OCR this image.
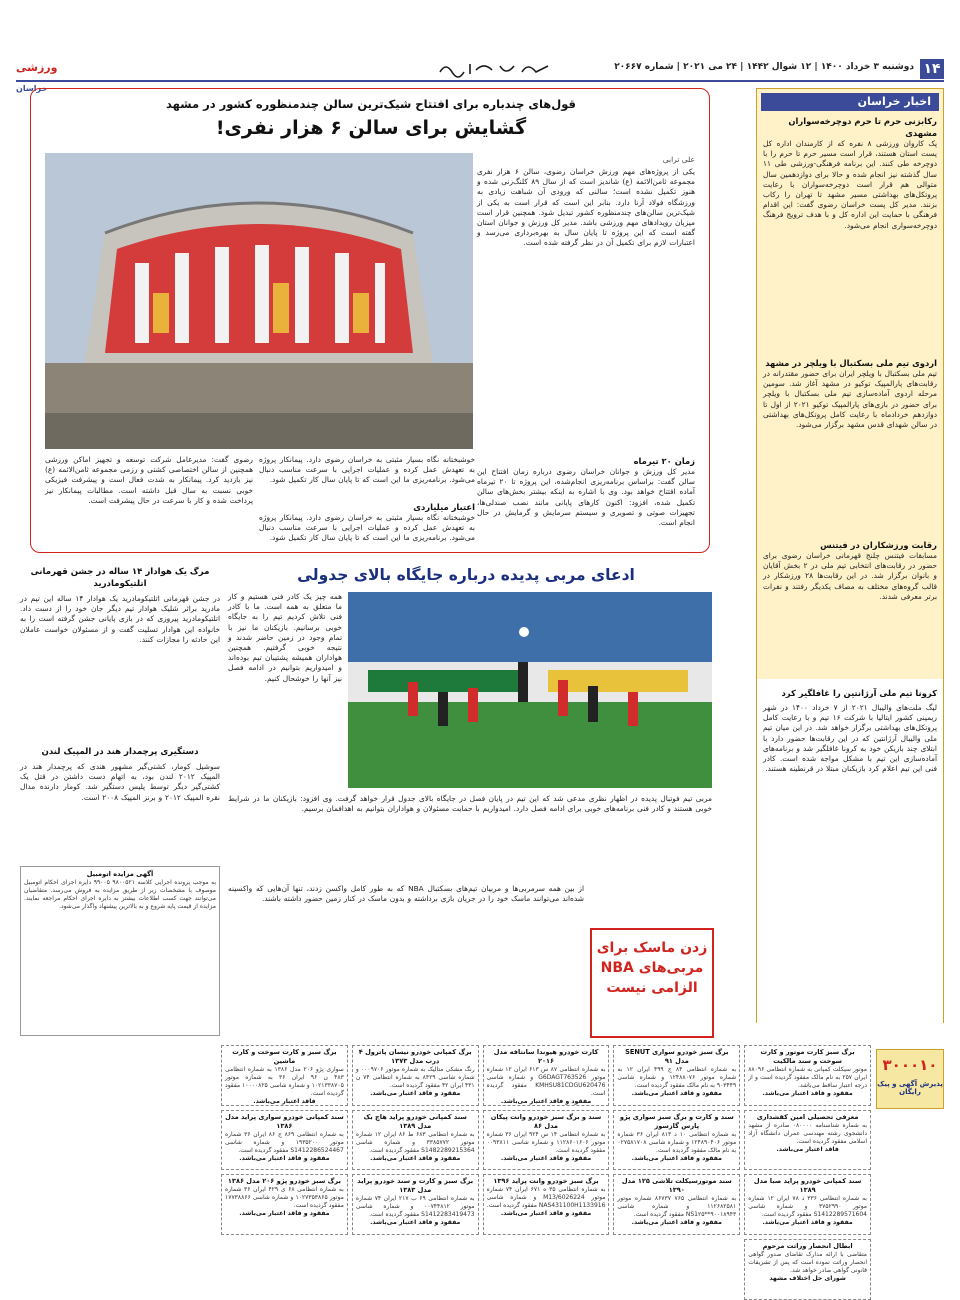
۱۴
دوشنبه ۳ خرداد ۱۴۰۰ | ۱۲ شوال ۱۴۴۲ | ۲۴ می ۲۰۲۱ | شماره ۲۰۶۶۷
ورزشی خراسان
اخبار خراسان
رکابزنی حرم تا حرم دوچرخه‌سواران مشهدی
پک کاروان ورزشی ۸ نفره که از کارمندان اداره کل پست استان هستند، قرار است مسیر حرم تا حرم را با دوچرخه طی کنند. این برنامه فرهنگی-ورزشی طی ۱۱ سال گذشته نیز انجام شده و حالا برای دوازدهمین سال متوالی هم قرار است دوچرخه‌سواران با رعایت پروتکل‌های بهداشتی مسیر مشهد تا تهران را رکاب بزنند. مدیر کل پست خراسان رضوی گفت: این اقدام فرهنگی با حمایت این اداره کل و با هدف ترویج فرهنگ دوچرخه‌سواری انجام می‌شود.
اردوی تیم ملی بسکتبال با ویلچر در مشهد
تیم ملی بسکتبال با ویلچر ایران برای حضور مقتدرانه در رقابت‌های پارالمپیک توکیو در مشهد آغاز شد. سومین مرحله اردوی آماده‌سازی تیم ملی بسکتبال با ویلچر برای حضور در بازی‌های پارالمپیک توکیو ۲۰۲۱ از اول تا دوازدهم خردادماه با رعایت کامل پروتکل‌های بهداشتی در سالن شهدای قدس مشهد برگزار می‌شود.
رقابت ورزشکاران در فیتنس
مسابقات فیتنس چلنج قهرمانی خراسان رضوی برای حضور در رقابت‌های انتخابی تیم ملی در ۲ بخش آقایان و بانوان برگزار شد. در این رقابت‌ها ۲۸ ورزشکار در قالب گروه‌های مختلف به مصاف یکدیگر رفتند و نفرات برتر معرفی شدند.
کرونا تیم ملی آرژانتین را غافلگیر کرد
لیگ ملت‌های والیبال ۲۰۲۱ از ۷ خرداد ۱۴۰۰ در شهر ریمینی کشور ایتالیا با شرکت ۱۶ تیم و با رعایت کامل پروتکل‌های بهداشتی برگزار خواهد شد. در این میان تیم ملی والیبال آرژانتین که در این رقابت‌ها حضور دارد با ابتلای چند بازیکن خود به کرونا غافلگیر شد و برنامه‌های آماده‌سازی این تیم با مشکل مواجه شده است. کادر فنی این تیم اعلام کرد بازیکنان مبتلا در قرنطینه هستند.
قول‌های چندباره برای افتتاح شیک‌ترین سالن چندمنظوره کشور در مشهد
گشایش برای سالن ۶ هزار نفری!
علی ترابی
یکی از پروژه‌های مهم ورزش خراسان رضوی، سالن ۶ هزار نفری مجموعه ثامن‌الائمه (ع) شاندیز است که از سال ۸۹ کلنگ‌زنی شده و هنوز تکمیل نشده است؛ سالنی که ورودی آن شباهت زیادی به ورزشگاه فولاد آرنا دارد. بنابر این است که قرار است به یکی از شیک‌ترین سالن‌های چندمنظوره کشور تبدیل شود. همچنین قرار است میزبان رویدادهای مهم ورزشی باشد. مدیر کل ورزش و جوانان استان گفته است که این پروژه تا پایان سال به بهره‌برداری می‌رسد و اعتبارات لازم برای تکمیل آن در نظر گرفته شده است.
زمان ۲۰ تیرماه
مدیر کل ورزش و جوانان خراسان رضوی درباره زمان افتتاح این سالن گفت: براساس برنامه‌ریزی انجام‌شده، این پروژه تا ۲۰ تیرماه آماده افتتاح خواهد بود. وی با اشاره به اینکه بیشتر بخش‌های سالن تکمیل شده، افزود: اکنون کارهای پایانی مانند نصب صندلی‌ها، تجهیزات صوتی و تصویری و سیستم سرمایش و گرمایش در حال انجام است.
خوشبختانه نگاه بسیار مثبتی به خراسان رضوی دارد. پیمانکار پروژه به تعهدش عمل کرده و عملیات اجرایی با سرعت مناسب دنبال می‌شود. برنامه‌ریزی ما این است که تا پایان سال کار تکمیل شود.
اعتبار میلیاردی
خوشبختانه نگاه بسیار مثبتی به خراسان رضوی دارد. پیمانکار پروژه به تعهدش عمل کرده و عملیات اجرایی با سرعت مناسب دنبال می‌شود. برنامه‌ریزی ما این است که تا پایان سال کار تکمیل شود.
رضوی گفت: مدیرعامل شرکت توسعه و تجهیز اماکن ورزشی همچنین از سالن اختصاصی کشتی و رزمی مجموعه ثامن‌الائمه (ع) نیز بازدید کرد. پیمانکار به شدت فعال است و پیشرفت فیزیکی خوبی نسبت به سال قبل داشته است. مطالبات پیمانکار نیز پرداخت شده و کار با سرعت در حال پیشرفت است.
ادعای مربی پدیده درباره جایگاه بالای جدولی
همه چیز یک کادر فنی هستیم و کار ما متعلق به همه است. ما با کادر فنی تلاش کردیم تیم را به جایگاه خوبی برسانیم. بازیکنان ما نیز با تمام وجود در زمین حاضر شدند و نتیجه خوبی گرفتیم. همچنین هواداران همیشه پشتیبان تیم بوده‌اند و امیدواریم بتوانیم در ادامه فصل نیز آنها را خوشحال کنیم.
مربی تیم فوتبال پدیده در اظهار نظری مدعی شد که این تیم در پایان فصل در جایگاه بالای جدول قرار خواهد گرفت. وی افزود: بازیکنان ما در شرایط خوبی هستند و کادر فنی برنامه‌های خوبی برای ادامه فصل دارد. امیدواریم با حمایت مسئولان و هواداران بتوانیم به اهدافمان برسیم.
از بین همه سرمربی‌ها و مربیان تیم‌های بسکتبال NBA که به طور کامل واکسن زدند، تنها آن‌هایی که واکسینه شده‌اند می‌توانند ماسک خود را در جریان بازی برداشته و بدون ماسک در کنار زمین حضور داشته باشند.
زدن ماسک برای مربی‌های NBA الزامی نیست
مرگ یک هوادار ۱۴ ساله در جشن قهرمانی اتلتیکومادرید
در جشن قهرمانی اتلتیکومادرید یک هوادار ۱۴ ساله این تیم در مادرید براثر شلیک هوادار تیم دیگر جان خود را از دست داد. اتلتیکومادرید پیروزی که در بازی پایانی جشن گرفته است را به خانواده این هوادار تسلیت گفت و از مسئولان خواست عاملان این حادثه را مجازات کنند.
دستگیری پرچمدار هند در المپیک لندن
سوشیل کومار، کشتی‌گیر مشهور هندی که پرچمدار هند در المپیک ۲۰۱۲ لندن بود، به اتهام دست داشتن در قتل یک کشتی‌گیر دیگر توسط پلیس دستگیر شد. کومار دارنده مدال نقره المپیک ۲۰۱۲ و برنز المپیک ۲۰۰۸ است.
آگهی مزایده اتومبیل
به موجب پرونده اجرایی کلاسه ۹۸۰۰۵۲۱ ۹۹۰۰۵ دایره اجرای احکام اتومبیل موصوف با مشخصات زیر از طریق مزایده به فروش می‌رسد. متقاضیان می‌توانند جهت کسب اطلاعات بیشتر به دایره اجرای احکام مراجعه نمایند. مزایده از قیمت پایه شروع و به بالاترین پیشنهاد واگذار می‌شود.
۳۰۰۰۱۰
پذیرش آگهی و پیک رایگان
برگ سبز کارت موتور و کارت سوخت و سند مالکیت
موتور سیکلت کمپانی به شماره انتظامی ۸۸۰۹۶ ایران ۲۵۷ به نام مالک مفقود گردیده است و از درجه اعتبار ساقط می‌باشد.
مفقود و فاقد اعتبار می‌باشد.
برگ سبز خودرو سواری SENUT مدل ۹۱
به شماره انتظامی ۸۴ ج ۴۹۹ ایران ۱۲ به شماره موتور ۱۲۴۸۸۰۷۶ و شماره شاسی ۹۰۳۴۴۹ به نام مالک مفقود گردیده است.
مفقود و فاقد اعتبار می‌باشد.
کارت خودرو هیوندا سانتافه مدل ۲۰۱۶
به شماره انتظامی ۸۷ س ۶۱۳ ایران ۱۲ شماره موتور G6DAGT763526 و شماره شاسی KMHSU81CDGU620476 مفقود گردیده است.
مفقود و فاقد اعتبار می‌باشد.
برگ کمپانی خودرو نیسان پاترول ۴ درب مدل ۱۳۷۳
رنگ مشکی متالیک به شماره موتور ۰۰۰۹۷۰۶ و شماره شاسی ۸۴۲۹ به شماره انتظامی ۷۴ ن ۴۳۱ ایران ۴۲ مفقود گردیده است.
مفقود و فاقد اعتبار می‌باشد.
برگ سبز و کارت سوخت و کارت ماشین
سواری پژو ۲۰۶ مدل ۱۳۸۶ به شماره انتظامی ۴۸۳ ن ۹۶ ایران ۳۶ به شماره موتور ۱۰۲۱۳۳۸۷۰۵ و شماره شاسی ۱۰۰۰۰۸۲۵ مفقود گردیده است.
فاقد اعتبار می‌باشد.
معرفی تحصیلی امین کفشداری
به شماره شناسنامه ۰۸۰۰۰۰ صادره از مشهد دانشجوی رشته مهندسی عمران دانشگاه آزاد اسلامی مفقود گردیده است.
فاقد اعتبار می‌باشد.
سند و کارت و برگ سبز سواری پژو پارس گازسوز
به شماره انتظامی ۱۰ د ۸۱۳ ایران ۳۶ شماره موتور ۱۲۴۸۹۰۴۰۶ و شماره شاسی ۰۲۷۵۸۱۷۰۸ به نام مالک مفقود گردیده است.
مفقود و فاقد اعتبار می‌باشد.
سند و برگ سبز خودرو وانت پیکان مدل ۸۶
به شماره انتظامی ۱۴ س ۹۲۴ ایران ۳۶ شماره موتور ۱۱۲۸۶۰۱۶۰۶ و شماره شاسی ۰۰۹۳۸۱۱ مفقود گردیده است.
مفقود و فاقد اعتبار می‌باشد.
سند کمپانی خودرو پراید هاچ بک مدل ۱۳۸۹
به شماره انتظامی ۶۸۳ ط ۸۶ ایران ۱۲ شماره موتور ۳۳۸۵۷۷۲ و شماره شاسی S1482289215364 مفقود گردیده است.
مفقود و فاقد اعتبار می‌باشد.
سند کمپانی خودرو سواری پراید مدل ۱۳۸۶
به شماره انتظامی ۸۶۹ ج ۸۶ ایران ۳۶ شماره موتور ۱۹۳۵۲۰۰ و شماره شاسی S1412286524467 مفقود گردیده است.
مفقود و فاقد اعتبار می‌باشد.
سند کمپانی خودرو پراید صبا مدل ۱۳۸۹
به شماره انتظامی ۳۳۶ د ۷۸ ایران ۱۲ شماره موتور ۳۷۵۲۹۹۰ و شماره شاسی S1412289571604 مفقود گردیده است.
مفقود و فاقد اعتبار می‌باشد.
سند موتورسیکلت تلاشی ۱۲۵ مدل ۱۳۹۰
به شماره انتظامی ۷۶۵ ۸۶۷۳۷ شماره موتور ۱۱۲۶۸۲۵۸۱ و شماره شاسی NS1۲۵**۹۰۰۱۸۹۴۳ مفقود گردیده است.
مفقود و فاقد اعتبار می‌باشد.
برگ سبز خودرو وانت پراید ۱۳۹۶
به شماره انتظامی ۳۵ ه ۶۷۱ ایران ۷۴ شماره موتور M13/6026224 و شماره شاسی NAS431100H1133916 مفقود گردیده است.
مفقود و فاقد اعتبار می‌باشد.
برگ سبز و کارت و سند خودرو پراید مدل ۱۳۸۳
به شماره انتظامی ۶۹ ب ۲۱۷ ایران ۷۴ شماره موتور ۰۰۷۴۴۸۱۲ و شماره شاسی S1412283419473 مفقود گردیده است.
مفقود و فاقد اعتبار می‌باشد.
برگ سبز خودرو پژو ۲۰۶ مدل ۱۳۸۶
به شماره انتظامی ۶۸ ی ۴۲۹ ایران ۳۶ شماره موتور ۱۰۲۷۳۵۳۸۶۵ و شماره شاسی ۱۷۷۳۸۸۶۶ مفقود گردیده است.
مفقود و فاقد اعتبار می‌باشد.
ابطال انحصار وراثت مرحوم
متقاضی با ارائه مدارک تقاضای صدور گواهی انحصار وراثت نموده است که پس از تشریفات قانونی گواهی صادر خواهد شد.
شورای حل اختلاف مشهد
